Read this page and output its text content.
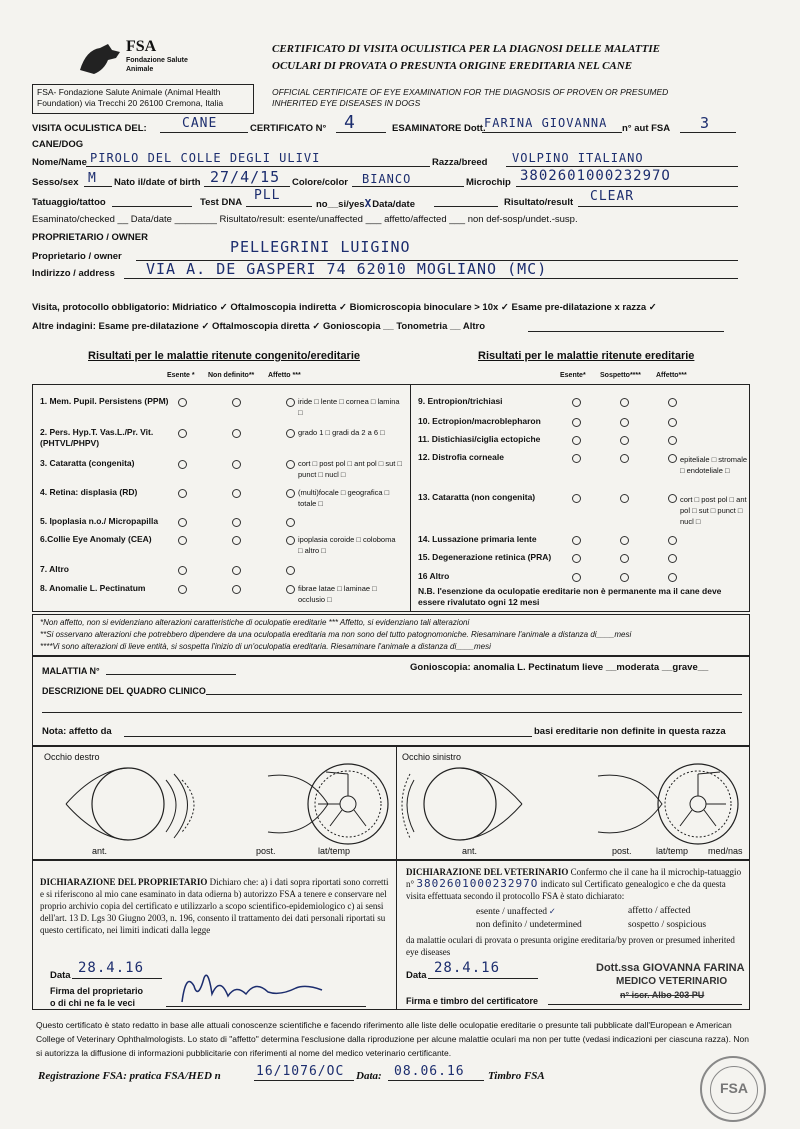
FSA
Fondazione Salute
Animale
FSA- Fondazione Salute Animale (Animal Health Foundation) via Trecchi 20 26100 Cremona, Italia
CERTIFICATO DI VISITA OCULISTICA PER LA DIAGNOSI DELLE MALATTIE
OCULARI DI PROVATA O PRESUNTA ORIGINE EREDITARIA NEL CANE
OFFICIAL CERTIFICATE OF EYE EXAMINATION FOR THE DIAGNOSIS OF PROVEN OR PRESUMED
INHERITED EYE DISEASES IN DOGS
VISITA OCULISTICA DEL:	CANE	CERTIFICATO N° 4	ESAMINATORE Dott.
FARINA GIOVANNA n° aut FSA 3
CANE/DOG
Nome/Name PIROLO DEL COLLE DEGLI ULIVI	Razza/breed VOLPINO ITALIANO
Sesso/sex M Nato il/date of birth 27/4/15 Colore/color BIANCO	Microchip 380260100023297O
Tatuaggio/tattoo	Test DNA PLL
no__si/yesXData/date	Risultato/result CLEAR
Esaminato/checked __ Data/date ________ Risultato/result: esente/unaffected ___ affetto/affected ___ non def-sosp/undet.-susp.
PROPRIETARIO / OWNER
Proprietario / owner
PELLEGRINI LUIGINO
Indirizzo / address VIA A. DE GASPERI 74 62010 MOGLIANO (MC)
Visita, protocollo obbligatorio: Midriatico ✓ Oftalmoscopia indiretta ✓ Biomicroscopia binoculare > 10x ✓ Esame pre-dilatazione x razza ✓
Altre indagini: Esame pre-dilatazione ✓ Oftalmoscopia diretta ✓ Gonioscopia __ Tonometria __ Altro
Risultati per le malattie ritenute congenito/ereditarie	Risultati per le malattie ritenute ereditarie
Esente * Non definito** Affetto ***	Esente* Sospetto**** Affetto***
1. Mem. Pupil. Persistens (PPM)	iride □ lente □ cornea □ lamina □
2. Pers. Hyp.T. Vas.L./Pr. Vit. (PHTVL/PHPV)
grado 1 □ gradi da 2 a 6 □
3. Cataratta (congenita)	cort □ post pol □ ant pol □ sut □ punct □ nucl □
4. Retina: displasia (RD)	(multi)focale □ geografica □ totale □
5. Ipoplasia n.o./ Micropapilla
6.Collie Eye Anomaly (CEA)	ipoplasia coroide □ coloboma □ altro □
7. Altro
8. Anomalie L. Pectinatum	fibrae latae □ laminae □ occlusio □
9. Entropion/trichiasi
10. Ectropion/macroblepharon
11. Distichiasi/ciglia ectopiche
12. Distrofia corneale	epiteliale □ stromale □ endoteliale □
13. Cataratta (non congenita)	cort □ post pol □ ant pol □ sut □ punct □ nucl □
14. Lussazione primaria lente
15. Degenerazione retinica (PRA)
16 Altro
N.B. l'esenzione da oculopatie ereditarie non è permanente ma il cane deve essere rivalutato ogni 12 mesi
*Non affetto, non si evidenziano alterazioni caratteristiche di oculopatie ereditarie *** Affetto, si evidenziano tali alterazioni
**Si osservano alterazioni che potrebbero dipendere da una oculopatia ereditaria ma non sono del tutto patognomoniche. Riesaminare l'animale a distanza di____mesi
****Vi sono alterazioni di lieve entità, si sospetta l'inizio di un'oculopatia ereditaria. Riesaminare l'animale a distanza di____mesi
MALATTIA N°	Gonioscopia: anomalia L. Pectinatum lieve __moderata __grave__
DESCRIZIONE DEL QUADRO CLINICO
Nota: affetto da	basi ereditarie non definite in questa razza
Occhio destro	Occhio sinistro
ant.	post.	lat/temp	ant.	post.	lat/temp med/nas
DICHIARAZIONE DEL PROPRIETARIO Dichiaro che: a) i dati sopra riportati sono corretti e si riferiscono al mio cane esaminato in data odierna b) autorizzo FSA a tenere e conservare nel proprio archivio copia del certificato e utilizzarlo a scopo scientifico-epidemiologico c) ai sensi dell'art. 13 D. Lgs 30 Giugno 2003, n. 196, consento il trattamento dei dati personali riportati su questo certificato, nei limiti indicati dalla legge
Data 28.4.16
Firma del proprietario
o di chi ne fa le veci
DICHIARAZIONE DEL VETERINARIO Confermo che il cane ha il microchip-tatuaggio n° 380260100023297O indicato sul Certificato genealogico e che da questa visita effettuata secondo il protocollo FSA è stato dichiarato:
esente / unaffected ✓	affetto / affected
non definito / undetermined	sospetto / sospicious
da malattie oculari di provata o presunta origine ereditaria/by proven or presumed inherited eye diseases
Data 28.4.16	Dott.ssa GIOVANNA FARINA
MEDICO VETERINARIO
n° iscr. Albo 203 PU
Firma e timbro del certificatore
Questo certificato è stato redatto in base alle attuali conoscenze scientifiche e facendo riferimento alle liste delle oculopatie ereditarie o presunte tali pubblicate dall'European e American College of Veterinary Ophthalmologists. Lo stato di "affetto" determina l'esclusione dalla riproduzione per alcune malattie oculari ma non per tutte (vedasi indicazioni per ciascuna razza). Non si autorizza la diffusione di informazioni pubblicitarie con riferimenti al nome del medico veterinario certificante.
Registrazione FSA: pratica FSA/HED n	16/1076/OC Data: 08.06.16 Timbro FSA
FSA
